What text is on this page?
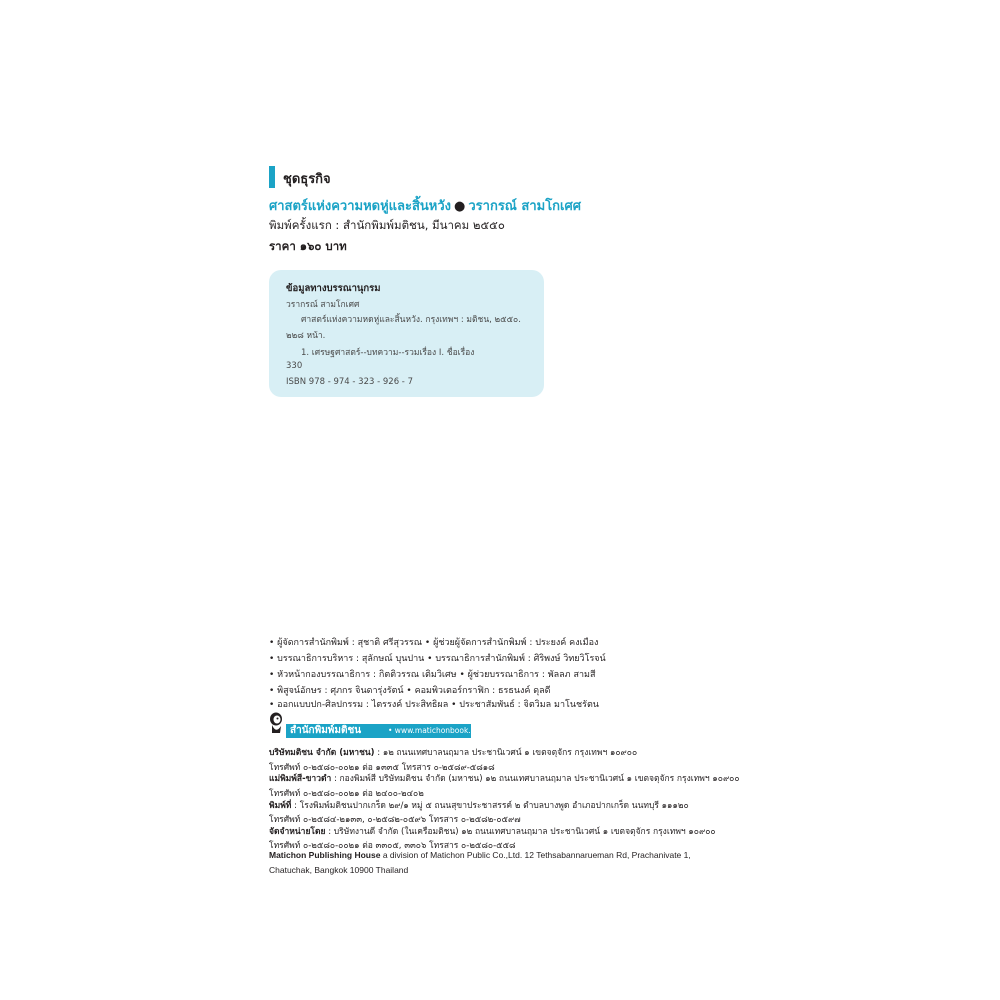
ชุดธุรกิจ
ศาสตร์แห่งความหดหู่และสิ้นหวัง ● วรากรณ์ สามโกเศศ
พิมพ์ครั้งแรก : สำนักพิมพ์มติชน, มีนาคม ๒๕๕๐
ราคา ๑๖๐ บาท
ข้อมูลทางบรรณานุกรม
วรากรณ์ สามโกเศศ
ศาสตร์แห่งความหดหู่และสิ้นหวัง. กรุงเทพฯ : มติชน, ๒๕๕๐.
๒๒๘ หน้า.
1. เศรษฐศาสตร์--บทความ--รวมเรื่อง I. ชื่อเรื่อง
330
ISBN 978 - 974 - 323 - 926 - 7
• ผู้จัดการสำนักพิมพ์ : สุชาติ ศรีสุวรรณ • ผู้ช่วยผู้จัดการสำนักพิมพ์ : ประยงค์ คงเมือง
• บรรณาธิการบริหาร : สุลักษณ์ บุนปาน • บรรณาธิการสำนักพิมพ์ : ศิริพงษ์ วิทยวิโรจน์
• หัวหน้ากองบรรณาธิการ : กิตติวรรณ เติมวิเศษ • ผู้ช่วยบรรณาธิการ : พัลลภ สามสี
• พิสูจน์อักษร : ศุภกร จินดารุ่งรัตน์ • คอมพิวเตอร์กราฟิก : ธรธนงค์ ดุลดี
• ออกแบบปก-ศิลปกรรม : ไตรรงค์ ประสิทธิผล • ประชาสัมพันธ์ : จิตวิมล มาโนชรัตน
สำนักพิมพ์มติชน	• www.matichonbook.com
บริษัทมติชน จำกัด (มหาชน) : ๑๒ ถนนเทศบาลนฤมาล ประชานิเวศน์ ๑ เขตจตุจักร กรุงเทพฯ ๑๐๙๐๐
โทรศัพท์ ๐-๒๕๘๐-๐๐๒๑ ต่อ ๑๓๓๕ โทรสาร ๐-๒๕๘๙-๕๘๑๘
แม่พิมพ์สี-ขาวดำ : กองพิมพ์สี บริษัทมติชน จำกัด (มหาชน) ๑๒ ถนนเทศบาลนฤมาล ประชานิเวศน์ ๑ เขตจตุจักร กรุงเทพฯ ๑๐๙๐๐
โทรศัพท์ ๐-๒๕๘๐-๐๐๒๑ ต่อ ๒๔๐๐-๒๔๐๒
พิมพ์ที่ : โรงพิมพ์มติชนปากเกร็ด ๒๙/๑ หมู่ ๕ ถนนสุขาประชาสรรค์ ๒ ตำบลบางพูด อำเภอปากเกร็ด นนทบุรี ๑๑๑๒๐
โทรศัพท์ ๐-๒๕๘๔-๒๑๓๓, ๐-๒๕๘๒-๐๕๙๖ โทรสาร ๐-๒๕๘๒-๐๕๙๗
จัดจำหน่ายโดย : บริษัทงานดี จำกัด (ในเครือมติชน) ๑๒ ถนนเทศบาลนฤมาล ประชานิเวศน์ ๑ เขตจตุจักร กรุงเทพฯ ๑๐๙๐๐
โทรศัพท์ ๐-๒๕๘๐-๐๐๒๑ ต่อ ๓๓๐๕, ๓๓๐๖ โทรสาร ๐-๒๕๘๐-๕๕๘
Matichon Publishing House a division of Matichon Public Co.,Ltd. 12 Tethsabannarueman Rd, Prachanivate 1,
Chatuchak, Bangkok 10900 Thailand
